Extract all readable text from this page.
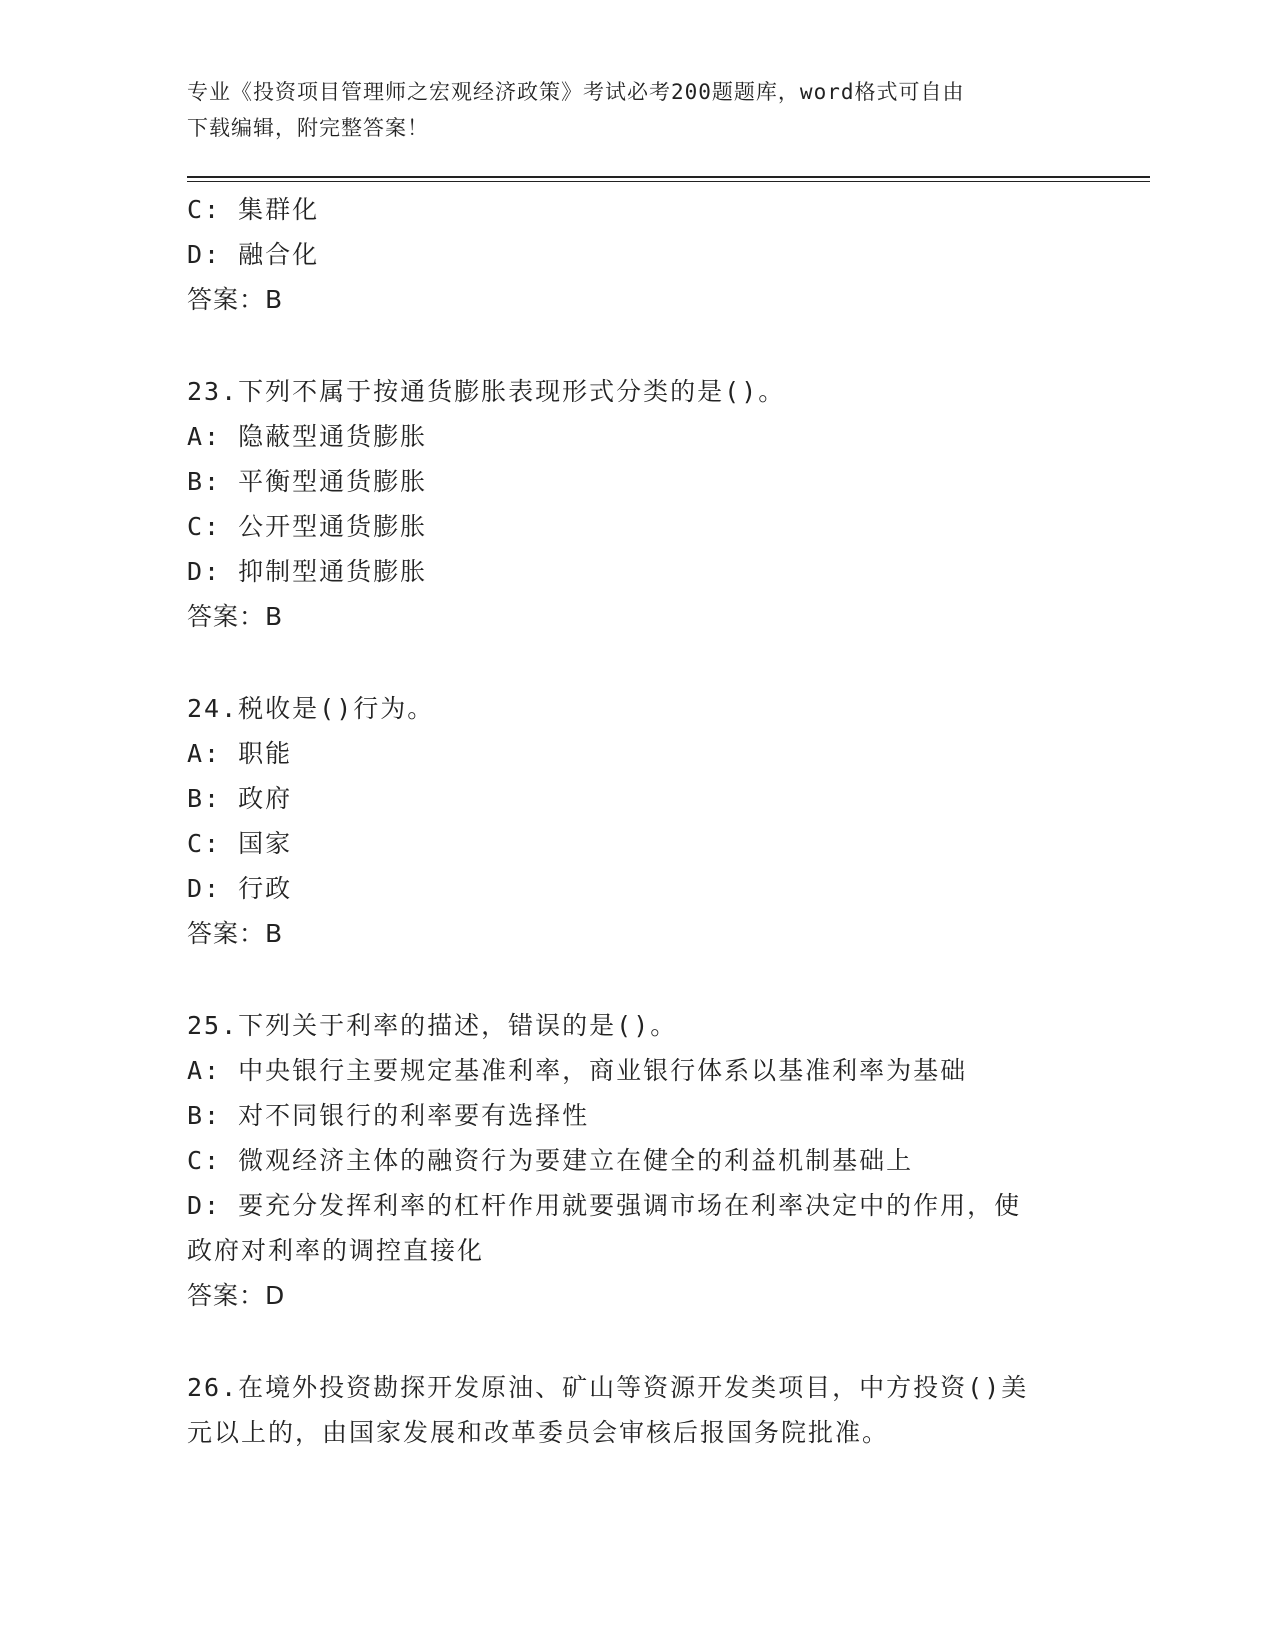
专业《投资项目管理师之宏观经济政策》考试必考200题题库，word格式可自由
下载编辑，附完整答案！
C: 集群化
D: 融合化
答案：B
23.下列不属于按通货膨胀表现形式分类的是()。
A: 隐蔽型通货膨胀
B: 平衡型通货膨胀
C: 公开型通货膨胀
D: 抑制型通货膨胀
答案：B
24.税收是()行为。
A: 职能
B: 政府
C: 国家
D: 行政
答案：B
25.下列关于利率的描述，错误的是()。
A: 中央银行主要规定基准利率，商业银行体系以基准利率为基础
B: 对不同银行的利率要有选择性
C: 微观经济主体的融资行为要建立在健全的利益机制基础上
D: 要充分发挥利率的杠杆作用就要强调市场在利率决定中的作用，使
政府对利率的调控直接化
答案：D
26.在境外投资勘探开发原油、矿山等资源开发类项目，中方投资()美
元以上的，由国家发展和改革委员会审核后报国务院批准。
